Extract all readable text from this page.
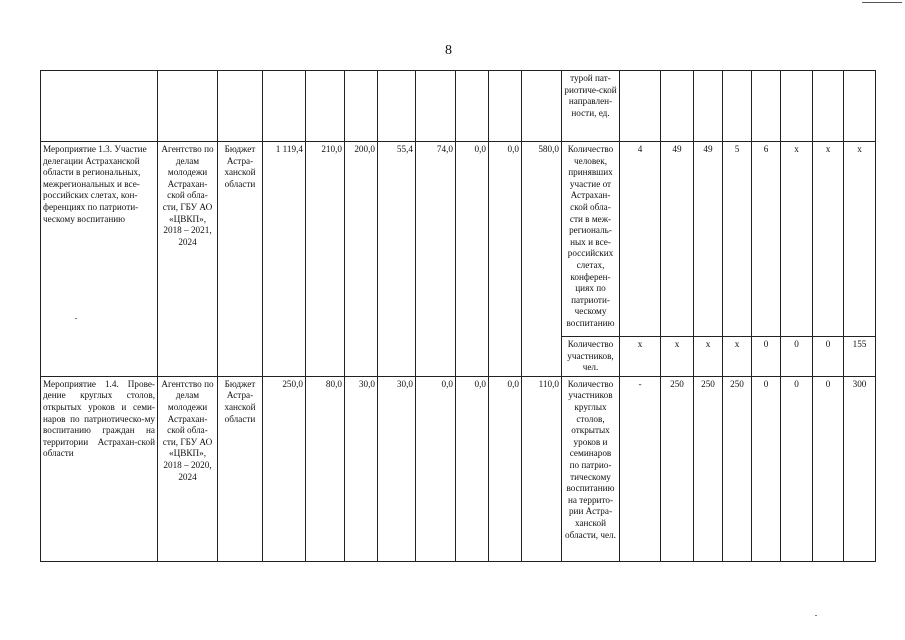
8
											турой пат-риотиче-ской направлен-ности, ед.								
Мероприятие 1.3. Участие делегации Астраханской области в региональных, межрегиональных и все-российских слетах, кон-ференциях по патриоти-ческому воспитанию	Агентство по делам молодежи Астрахан-ской обла-сти, ГБУ АО «ЦВКП», 2018 – 2021, 2024	Бюджет Астра-ханской области	1 119,4	210,0	200,0	55,4	74,0	0,0	0,0	580,0	Количество человек, принявших участие от Астрахан-ской обла-сти в меж-региональ-ных и все-российских слетах, конферен-циях по патриоти-ческому воспитанию	4	49	49	5	6	х	х	х
											Количество участников, чел.	х	х	х	х	0	0	0	155
Мероприятие 1.4. Прове-дение круглых столов, открытых уроков и семи-наров по патриотическо-му воспитанию граждан на территории Астрахан-ской области	Агентство по делам молодежи Астрахан-ской обла-сти, ГБУ АО «ЦВКП», 2018 – 2020, 2024	Бюджет Астра-ханской области	250,0	80,0	30,0	30,0	0,0	0,0	0,0	110,0	Количество участников круглых столов, открытых уроков и семинаров по патрио-тическому воспитанию на террито-рии Астра-ханской области, чел.	-	250	250	250	0	0	0	300
